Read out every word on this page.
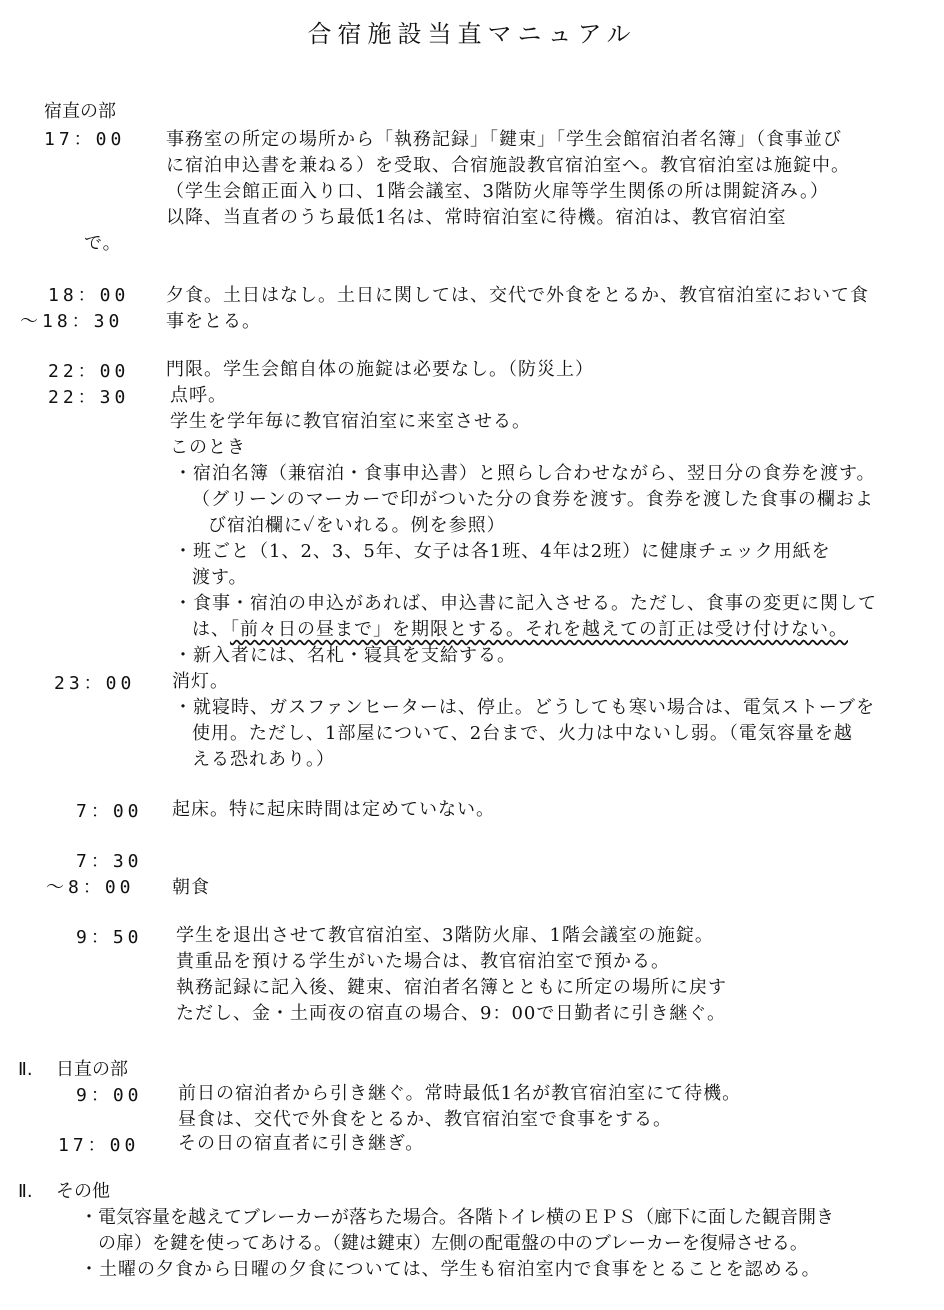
合宿施設当直マニュアル
宿直の部
17：00 事務室の所定の場所から「執務記録」「鍵束」「学生会館宿泊者名簿」（食事並び
に宿泊申込書を兼ねる）を受取、合宿施設教官宿泊室へ。教官宿泊室は施錠中。
（学生会館正面入り口、1階会議室、3階防火扉等学生関係の所は開錠済み。）
以降、当直者のうち最低1名は、常時宿泊室に待機。宿泊は、教官宿泊室
で。
18：00
～18：30
夕食。土日はなし。土日に関しては、交代で外食をとるか、教官宿泊室において食
事をとる。
22：00 門限。学生会館自体の施錠は必要なし。（防災上）
22：30 点呼。
学生を学年毎に教官宿泊室に来室させる。
このとき
・宿泊名簿（兼宿泊・食事申込書）と照らし合わせながら、翌日分の食券を渡す。
（グリーンのマーカーで印がついた分の食券を渡す。食券を渡した食事の欄およ
び宿泊欄に✓をいれる。例を参照）
・班ごと（1、2、3、5年、女子は各1班、4年は2班）に健康チェック用紙を
渡す。
・食事・宿泊の申込があれば、申込書に記入させる。ただし、食事の変更に関して
は、「前々日の昼まで」を期限とする。それを越えての訂正は受け付けない。
・新入者には、名札・寝具を支給する。
23：00 消灯。
・就寝時、ガスファンヒーターは、停止。どうしても寒い場合は、電気ストーブを
使用。ただし、1部屋について、2台まで、火力は中ないし弱。（電気容量を越
える恐れあり。）
7：00 起床。特に起床時間は定めていない。
7：30
～8：00 朝食
9：50 学生を退出させて教官宿泊室、3階防火扉、1階会議室の施錠。
貴重品を預ける学生がいた場合は、教官宿泊室で預かる。
執務記録に記入後、鍵束、宿泊者名簿とともに所定の場所に戻す
ただし、金・土両夜の宿直の場合、9：00で日勤者に引き継ぐ。
Ⅱ. 日直の部
9：00 前日の宿泊者から引き継ぐ。常時最低1名が教官宿泊室にて待機。
昼食は、交代で外食をとるか、教官宿泊室で食事をする。
17：00 その日の宿直者に引き継ぎ。
Ⅱ. その他
・電気容量を越えてブレーカーが落ちた場合。各階トイレ横のＥＰＳ（廊下に面した観音開き
の扉）を鍵を使ってあける。（鍵は鍵束）左側の配電盤の中のブレーカーを復帰させる。
・土曜の夕食から日曜の夕食については、学生も宿泊室内で食事をとることを認める。
